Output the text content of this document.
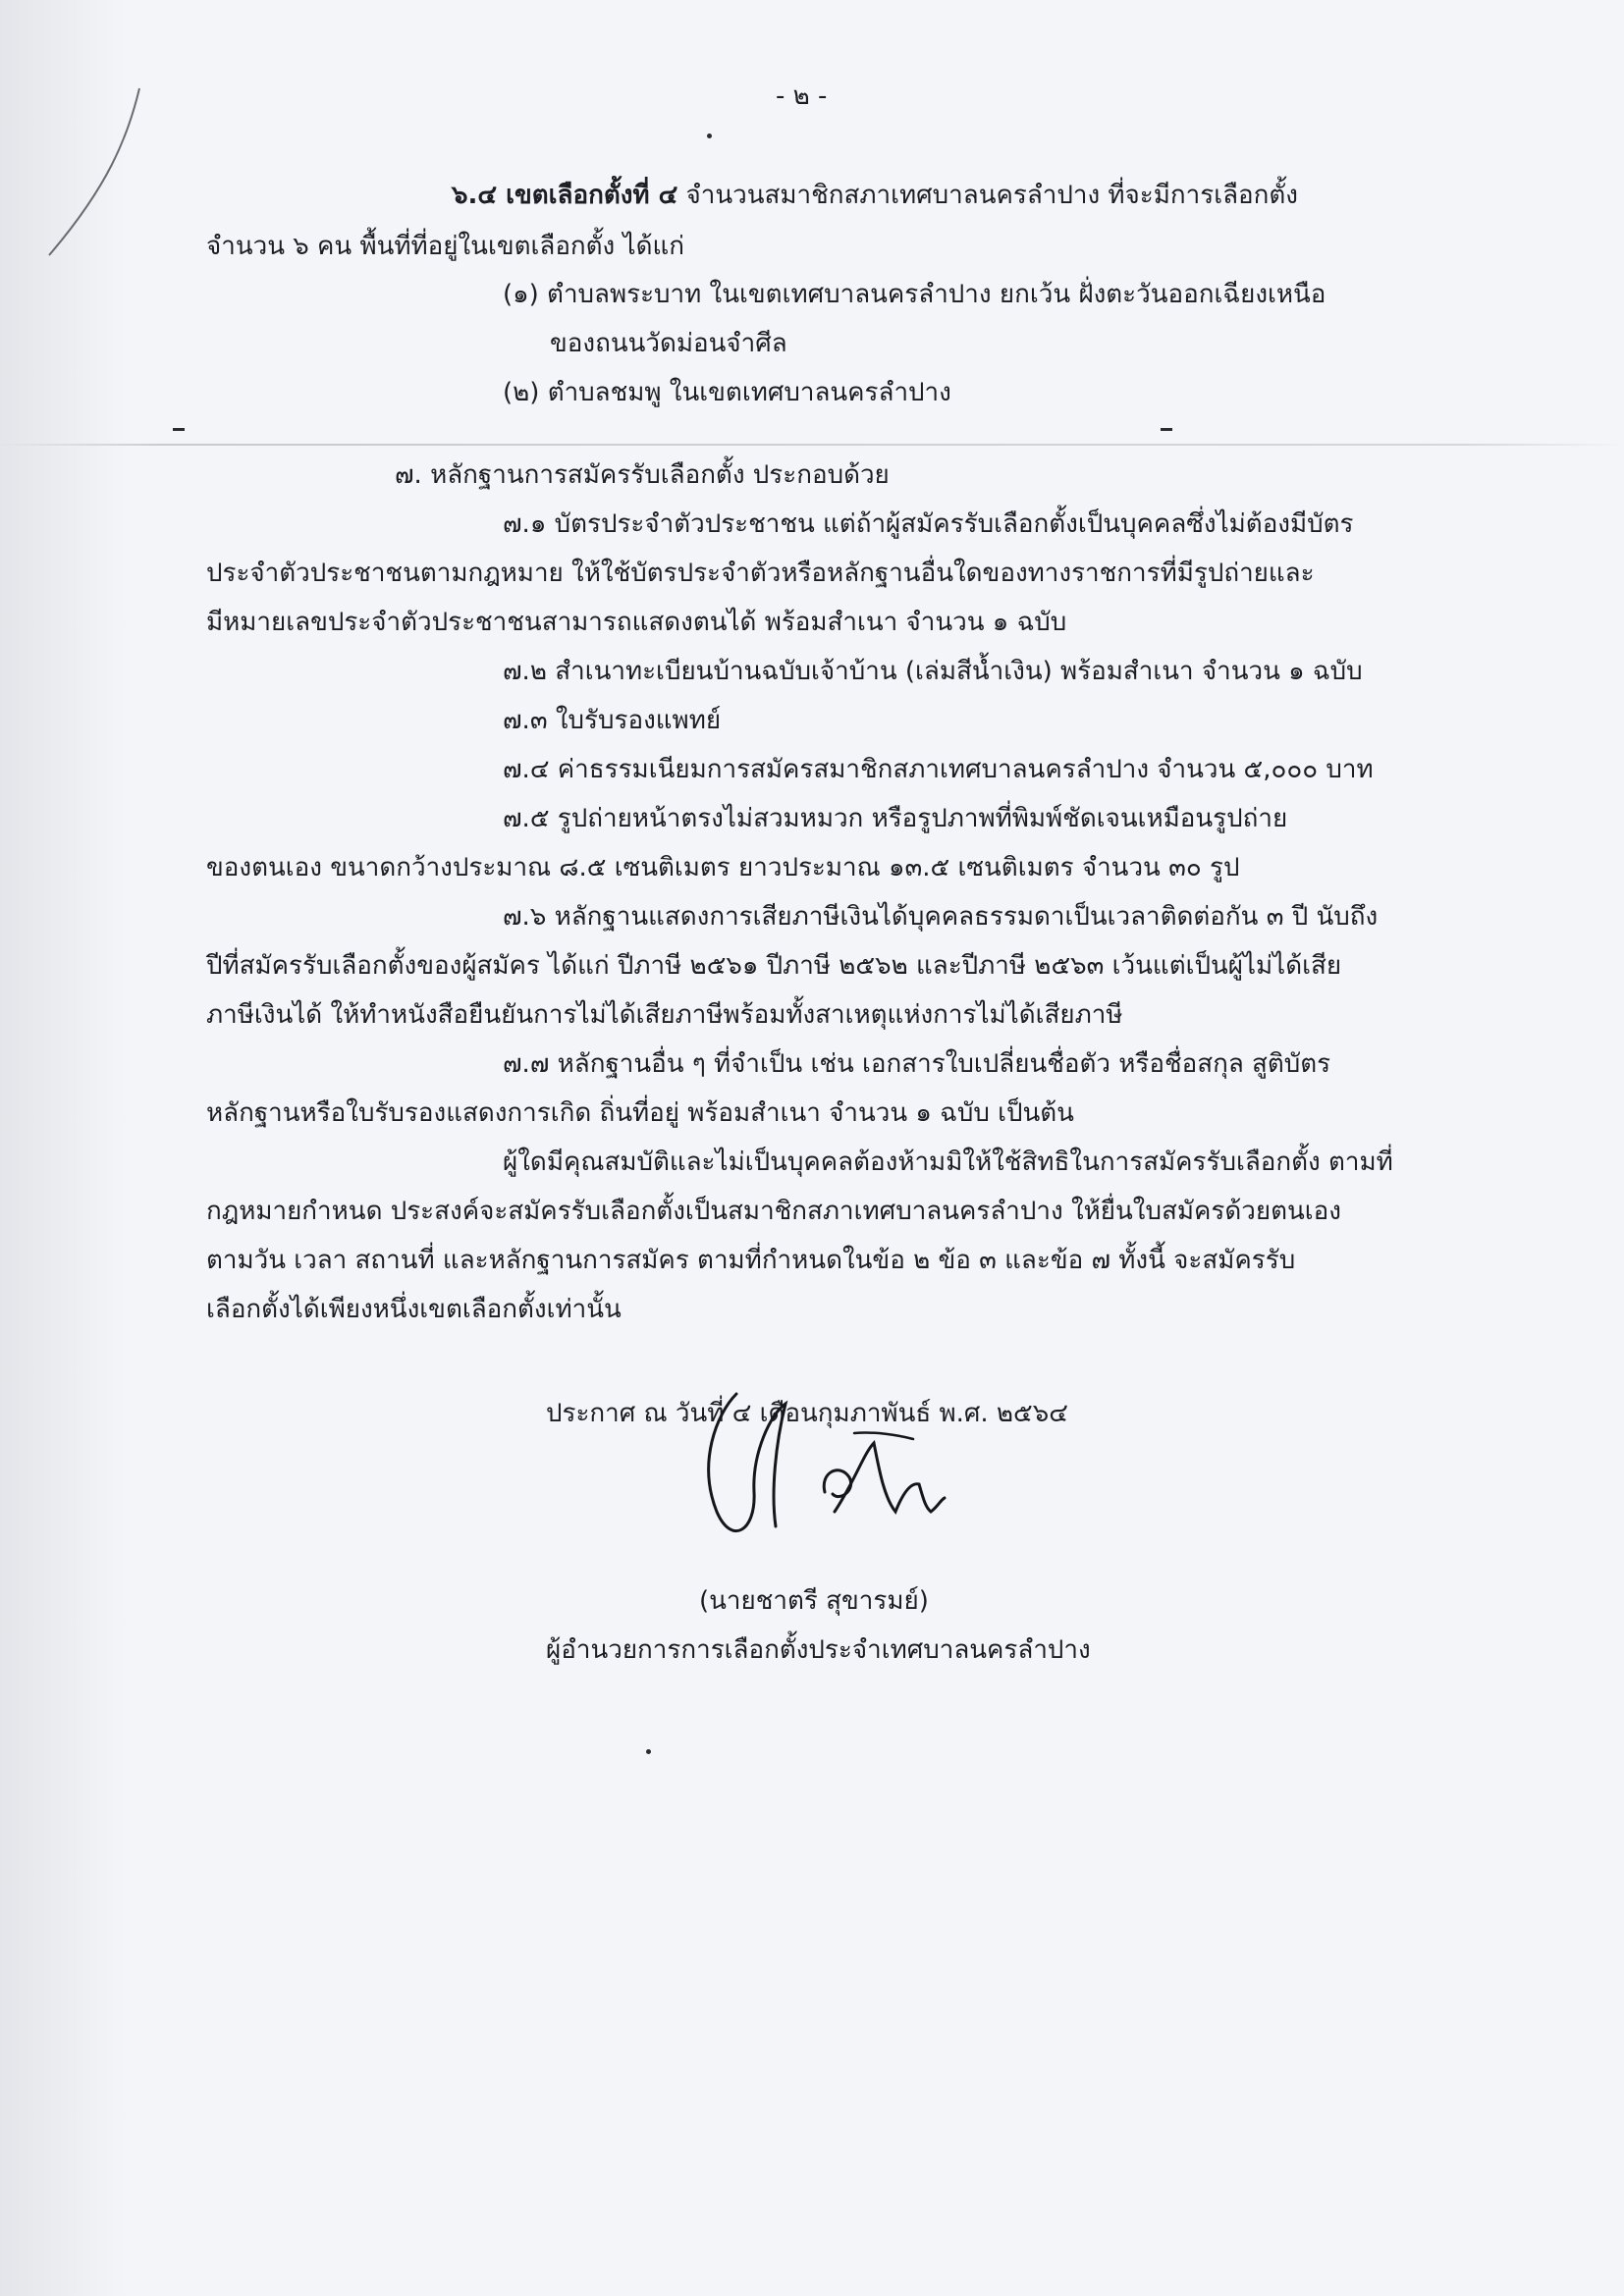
- ๒ -
๖.๔ เขตเลือกตั้งที่ ๔ จำนวนสมาชิกสภาเทศบาลนครลำปาง ที่จะมีการเลือกตั้ง
จำนวน ๖ คน พื้นที่ที่อยู่ในเขตเลือกตั้ง ได้แก่
(๑) ตำบลพระบาท ในเขตเทศบาลนครลำปาง ยกเว้น ฝั่งตะวันออกเฉียงเหนือ
ของถนนวัดม่อนจำศีล
(๒) ตำบลชมพู ในเขตเทศบาลนครลำปาง
๗. หลักฐานการสมัครรับเลือกตั้ง ประกอบด้วย
๗.๑ บัตรประจำตัวประชาชน แต่ถ้าผู้สมัครรับเลือกตั้งเป็นบุคคลซึ่งไม่ต้องมีบัตร
ประจำตัวประชาชนตามกฎหมาย ให้ใช้บัตรประจำตัวหรือหลักฐานอื่นใดของทางราชการที่มีรูปถ่ายและ
มีหมายเลขประจำตัวประชาชนสามารถแสดงตนได้ พร้อมสำเนา จำนวน ๑ ฉบับ
๗.๒ สำเนาทะเบียนบ้านฉบับเจ้าบ้าน (เล่มสีน้ำเงิน) พร้อมสำเนา จำนวน ๑ ฉบับ
๗.๓ ใบรับรองแพทย์
๗.๔ ค่าธรรมเนียมการสมัครสมาชิกสภาเทศบาลนครลำปาง จำนวน ๕,๐๐๐ บาท
๗.๕ รูปถ่ายหน้าตรงไม่สวมหมวก หรือรูปภาพที่พิมพ์ชัดเจนเหมือนรูปถ่าย
ของตนเอง ขนาดกว้างประมาณ ๘.๕ เซนติเมตร ยาวประมาณ ๑๓.๕ เซนติเมตร จำนวน ๓๐ รูป
๗.๖ หลักฐานแสดงการเสียภาษีเงินได้บุคคลธรรมดาเป็นเวลาติดต่อกัน ๓ ปี นับถึง
ปีที่สมัครรับเลือกตั้งของผู้สมัคร ได้แก่ ปีภาษี ๒๕๖๑ ปีภาษี ๒๕๖๒ และปีภาษี ๒๕๖๓ เว้นแต่เป็นผู้ไม่ได้เสีย
ภาษีเงินได้ ให้ทำหนังสือยืนยันการไม่ได้เสียภาษีพร้อมทั้งสาเหตุแห่งการไม่ได้เสียภาษี
๗.๗ หลักฐานอื่น ๆ ที่จำเป็น เช่น เอกสารใบเปลี่ยนชื่อตัว หรือชื่อสกุล สูติบัตร
หลักฐานหรือใบรับรองแสดงการเกิด ถิ่นที่อยู่ พร้อมสำเนา จำนวน ๑ ฉบับ เป็นต้น
ผู้ใดมีคุณสมบัติและไม่เป็นบุคคลต้องห้ามมิให้ใช้สิทธิในการสมัครรับเลือกตั้ง ตามที่
กฎหมายกำหนด ประสงค์จะสมัครรับเลือกตั้งเป็นสมาชิกสภาเทศบาลนครลำปาง ให้ยื่นใบสมัครด้วยตนเอง
ตามวัน เวลา สถานที่ และหลักฐานการสมัคร ตามที่กำหนดในข้อ ๒ ข้อ ๓ และข้อ ๗ ทั้งนี้ จะสมัครรับ
เลือกตั้งได้เพียงหนึ่งเขตเลือกตั้งเท่านั้น
ประกาศ ณ วันที่ ๔ เดือนกุมภาพันธ์ พ.ศ. ๒๕๖๔
(นายชาตรี สุขารมย์)
ผู้อำนวยการการเลือกตั้งประจำเทศบาลนครลำปาง
